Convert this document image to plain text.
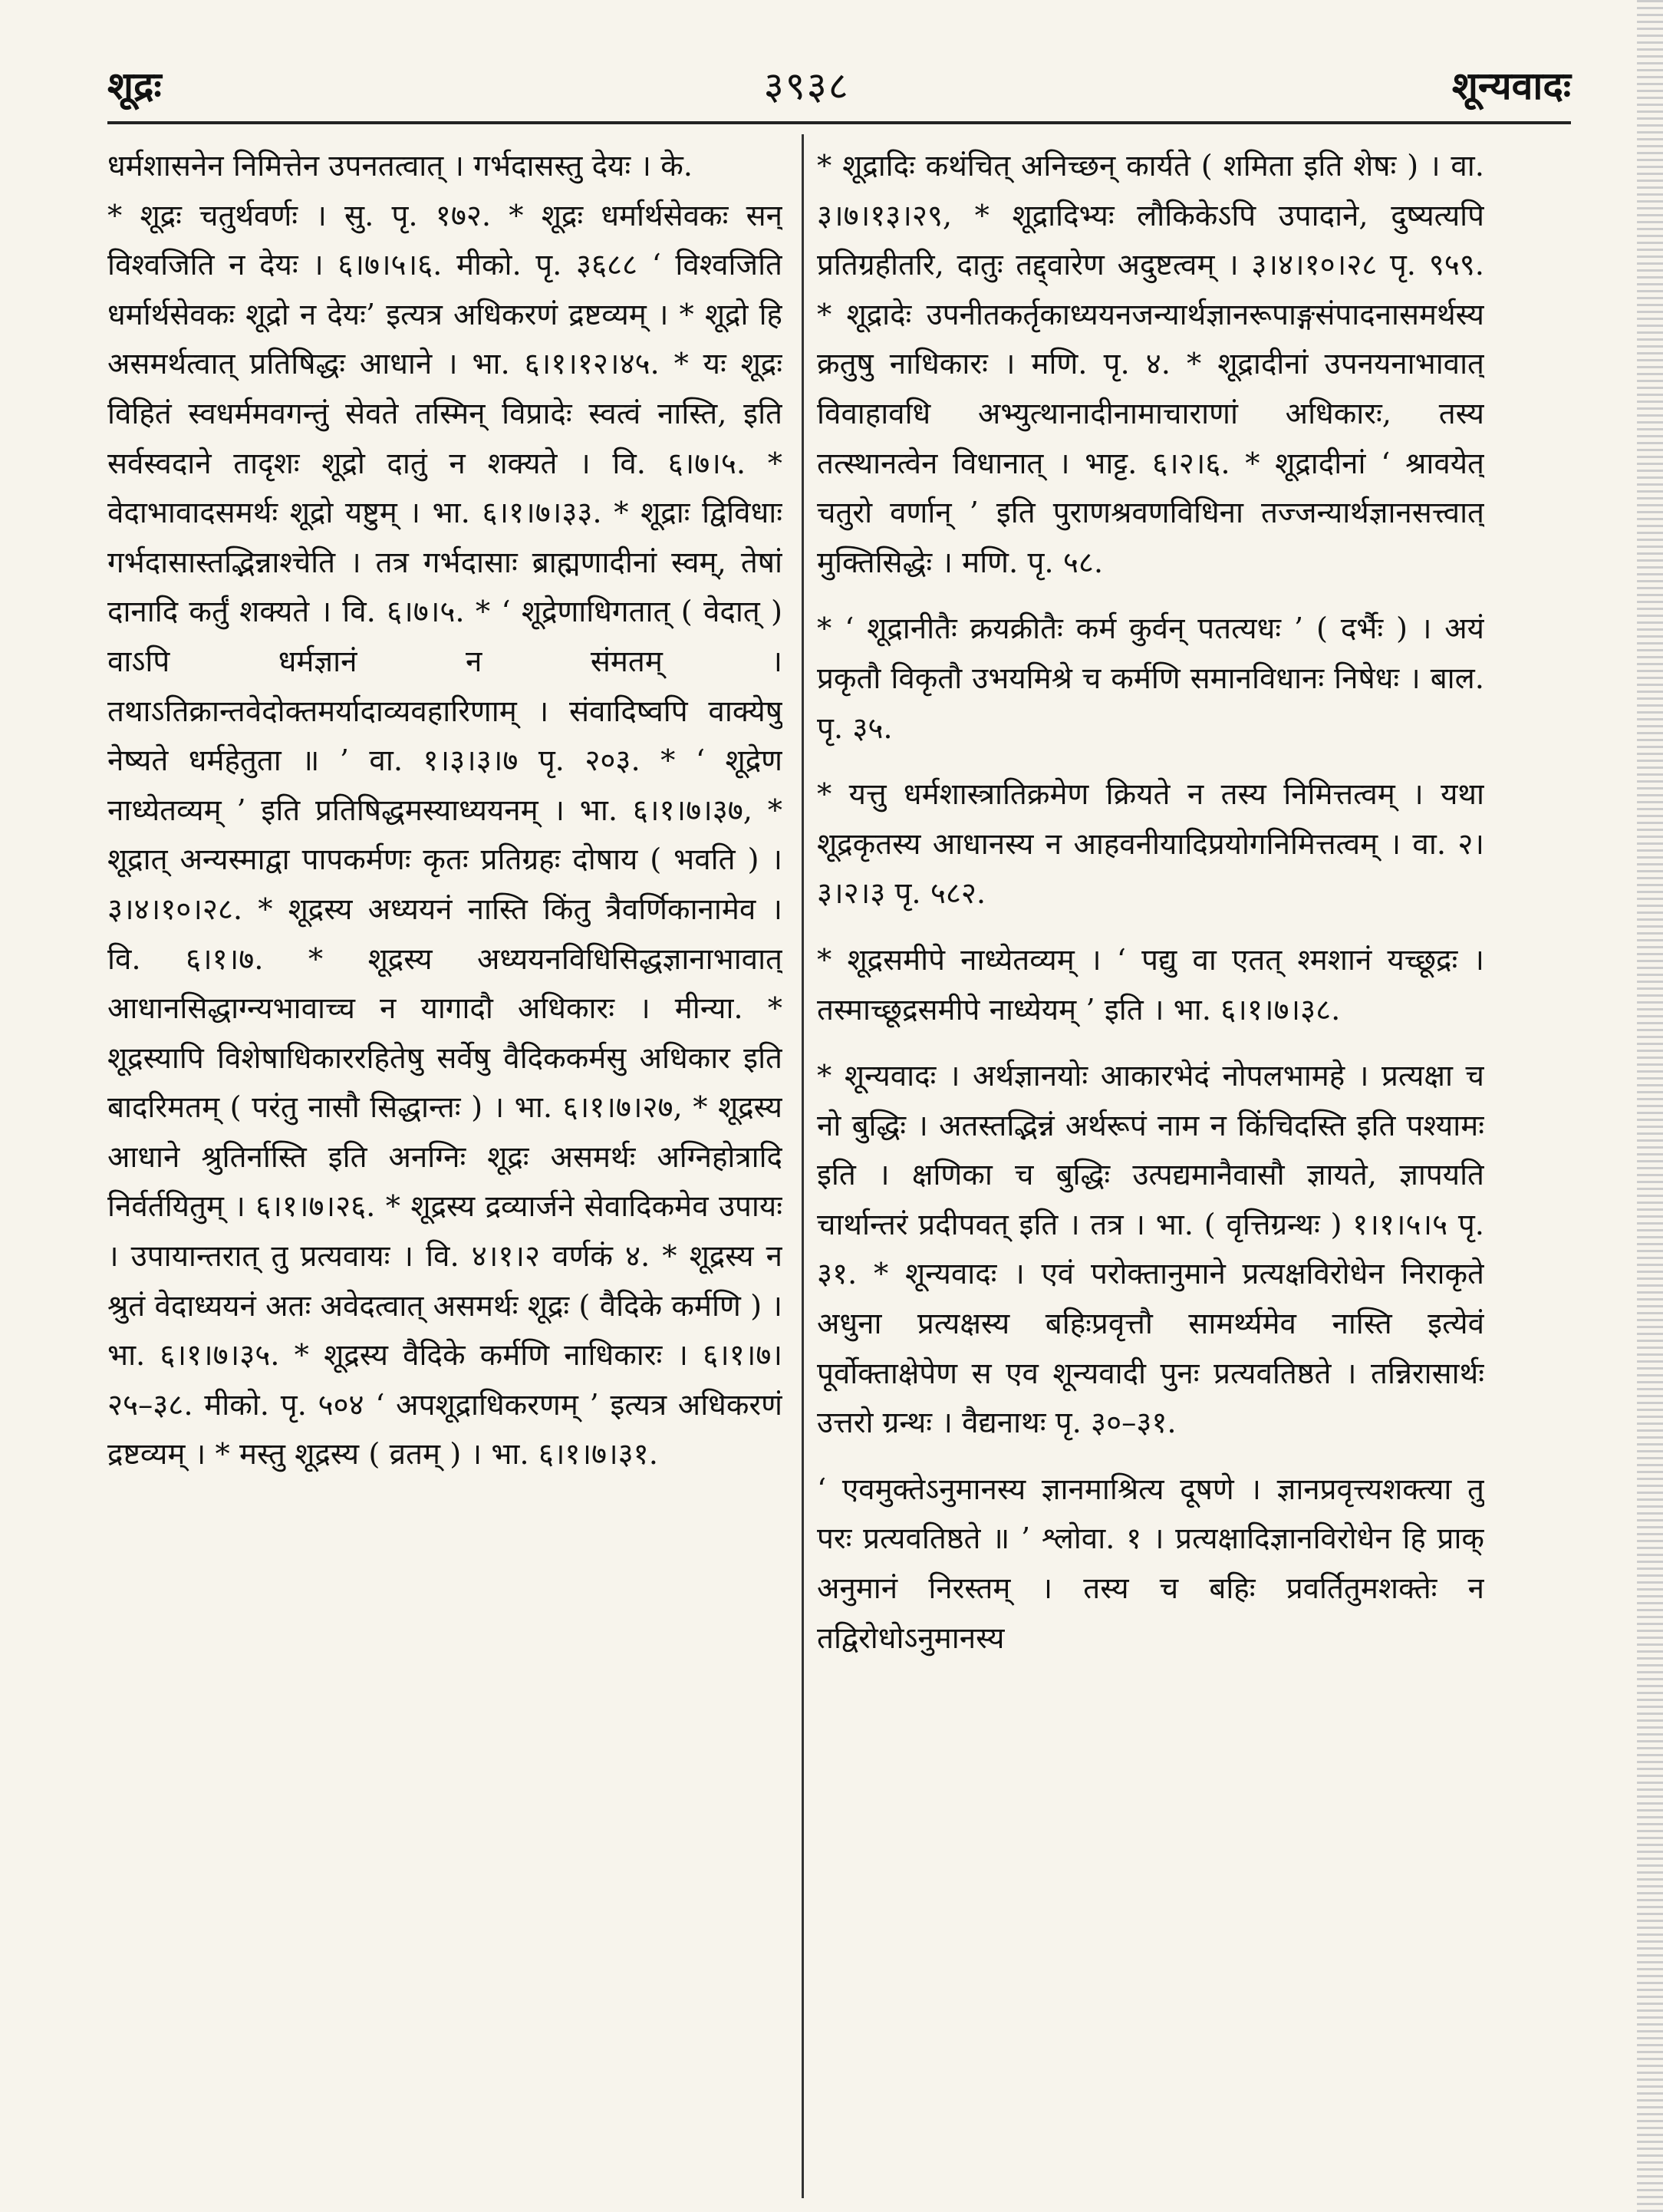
शूद्रः	३९३८	शून्यवादः

धर्मशासनेन निमित्तेन उपनतत्वात् । गर्भदासस्तु देयः । के.

* शूद्रः चतुर्थवर्णः । सु. पृ. १७२. * शूद्रः धर्मार्थसेवकः सन् विश्वजिति न देयः । ६।७।५।६. मीको. पृ. ३६८८ ‘ विश्वजिति धर्मार्थसेवकः शूद्रो न देयः’ इत्यत्र अधिकरणं द्रष्टव्यम् । * शूद्रो हि असमर्थत्वात् प्रतिषिद्धः आधाने । भा. ६।१।१२।४५. * यः शूद्रः विहितं स्वधर्ममवगन्तुं सेवते तस्मिन् विप्रादेः स्वत्वं नास्ति, इति सर्वस्वदाने तादृशः शूद्रो दातुं न शक्यते । वि. ६।७।५. * वेदाभावादसमर्थः शूद्रो यष्टुम् । भा. ६।१।७।३३. * शूद्राः द्विविधाः गर्भदासास्तद्भिन्नाश्चेति । तत्र गर्भदासाः ब्राह्मणादीनां स्वम्, तेषां दानादि कर्तुं शक्यते । वि. ६।७।५. * ‘ शूद्रेणाधिगतात् ( वेदात् ) वाऽपि धर्मज्ञानं न संमतम् । तथाऽतिक्रान्तवेदोक्तमर्यादाव्यवहारिणाम् । संवादिष्वपि वाक्येषु नेष्यते धर्महेतुता ॥ ’ वा. १।३।३।७ पृ. २०३. * ‘ शूद्रेण नाध्येतव्यम् ’ इति प्रतिषिद्धमस्याध्ययनम् । भा. ६।१।७।३७, * शूद्रात् अन्यस्माद्वा पापकर्मणः कृतः प्रतिग्रहः दोषाय ( भवति ) । ३।४।१०।२८. * शूद्रस्य अध्ययनं नास्ति किंतु त्रैवर्णिकानामेव । वि. ६।१।७. * शूद्रस्य अध्ययनविधिसिद्धज्ञानाभावात् आधानसिद्धाग्न्यभावाच्च न यागादौ अधिकारः । मीन्या. * शूद्रस्यापि विशेषाधिकाररहितेषु सर्वेषु वैदिककर्मसु अधिकार इति बादरिमतम् ( परंतु नासौ सिद्धान्तः ) । भा. ६।१।७।२७, * शूद्रस्य आधाने श्रुतिर्नास्ति इति अनग्निः शूद्रः असमर्थः अग्निहोत्रादि निर्वर्तयितुम् । ६।१।७।२६. * शूद्रस्य द्रव्यार्जने सेवादिकमेव उपायः । उपायान्तरात् तु प्रत्यवायः । वि. ४।१।२ वर्णकं ४. * शूद्रस्य न श्रुतं वेदाध्ययनं अतः अवेदत्वात् असमर्थः शूद्रः ( वैदिके कर्मणि ) । भा. ६।१।७।३५. * शूद्रस्य वैदिके कर्मणि नाधिकारः । ६।१।७।२५–३८. मीको. पृ. ५०४ ‘ अपशूद्राधिकरणम् ’ इत्यत्र अधिकरणं द्रष्टव्यम् । * मस्तु शूद्रस्य ( व्रतम् ) । भा. ६।१।७।३१.

* शूद्रादिः कथंचित् अनिच्छन् कार्यते ( शमिता इति शेषः ) । वा. ३।७।१३।२९, * शूद्रादिभ्यः लौकिकेऽपि उपादाने, दुष्यत्यपि प्रतिग्रहीतरि, दातुः तद्द्वारेण अदुष्टत्वम् । ३।४।१०।२८ पृ. ९५९. * शूद्रादेः उपनीतकर्तृकाध्ययनजन्यार्थज्ञानरूपाङ्गसंपादनासमर्थस्य क्रतुषु नाधिकारः । मणि. पृ. ४. * शूद्रादीनां उपनयनाभावात् विवाहावधि अभ्युत्थानादीनामाचाराणां अधिकारः, तस्य तत्स्थानत्वेन विधानात् । भाट्ट. ६।२।६. * शूद्रादीनां ‘ श्रावयेत् चतुरो वर्णान् ’ इति पुराणश्रवणविधिना तज्जन्यार्थज्ञानसत्त्वात् मुक्तिसिद्धेः । मणि. पृ. ५८.

* ‘ शूद्रानीतैः क्रयक्रीतैः कर्म कुर्वन् पतत्यधः ’ ( दर्भैः ) । अयं प्रकृतौ विकृतौ उभयमिश्रे च कर्मणि समानविधानः निषेधः । बाल. पृ. ३५.

* यत्तु धर्मशास्त्रातिक्रमेण क्रियते न तस्य निमित्तत्वम् । यथा शूद्रकृतस्य आधानस्य न आहवनीयादिप्रयोगनिमित्तत्वम् । वा. २।३।२।३ पृ. ५८२.

* शूद्रसमीपे नाध्येतव्यम् । ‘ पद्यु वा एतत् श्मशानं यच्छूद्रः । तस्माच्छूद्रसमीपे नाध्येयम् ’ इति । भा. ६।१।७।३८.

* शून्यवादः । अर्थज्ञानयोः आकारभेदं नोपलभामहे । प्रत्यक्षा च नो बुद्धिः । अतस्तद्भिन्नं अर्थरूपं नाम न किंचिदस्ति इति पश्यामः इति । क्षणिका च बुद्धिः उत्पद्यमानैवासौ ज्ञायते, ज्ञापयति चार्थान्तरं प्रदीपवत् इति । तत्र । भा. ( वृत्तिग्रन्थः ) १।१।५।५ पृ. ३१. * शून्यवादः । एवं परोक्तानुमाने प्रत्यक्षविरोधेन निराकृते अधुना प्रत्यक्षस्य बहिःप्रवृत्तौ सामर्थ्यमेव नास्ति इत्येवं पूर्वोक्ताक्षेपेण स एव शून्यवादी पुनः प्रत्यवतिष्ठते । तन्निरासार्थः उत्तरो ग्रन्थः । वैद्यनाथः पृ. ३०–३१.

‘ एवमुक्तेऽनुमानस्य ज्ञानमाश्रित्य दूषणे । ज्ञानप्रवृत्त्यशक्त्या तु परः प्रत्यवतिष्ठते ॥ ’ श्लोवा. १ । प्रत्यक्षादिज्ञानविरोधेन हि प्राक् अनुमानं निरस्तम् । तस्य च बहिः प्रवर्तितुमशक्तेः न तद्विरोधोऽनुमानस्य
